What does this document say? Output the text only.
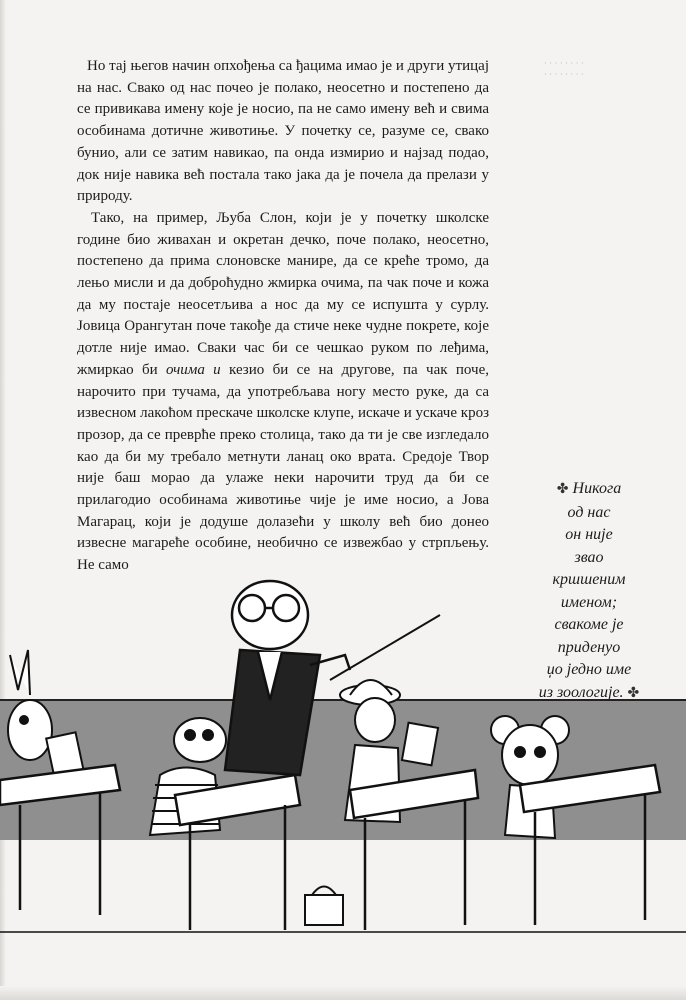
· · · · · · · ·
· · · · · · · ·

Но тај његов начин опхођења са ђацима имао је и други утицај на нас. Свако од нас почео је полако, неосетно и постепено да се привикава имену које је носио, па не само имену већ и свима особинама дотичне животиње. У почетку се, разуме се, свако бунио, али се затим навикао, па онда измирио и најзад подао, док није навика већ постала тако јака да је почела да прелази у природу.

Тако, на пример, Љуба Слон, који је у почетку школске године био живахан и окретан дечко, поче полако, неосетно, постепено да прима слоновске манире, да се креће тромо, да лењо мисли и да доброћудно жмирка очима, па чак поче и кожа да му постаје неосетљива а нос да му се испушта у сурлу. Јовица Орангутан поче такође да стиче неке чудне покрете, које дотле није имао. Сваки час би се чешкао руком по леђима, жмиркао би очима и кезио би се на другове, па чак поче, нарочито при тучама, да употребљава ногу место руке, да са извесном лакоћом прескаче школске клупе, искаче и ускаче кроз прозор, да се преврће преко столица, тако да ти је све изгледало као да би му требало метнути ланац око врата. Средоје Твор није баш морао да улаже неки нарочити труд да би се прилагодио особинама животиње чије је име носио, а Јова Магарац, који је додуше долазећи у школу већ био донео извесне магареће особине, необично се извежбао у стрпљењу. Не само

✤ Никога
од нас
он није
звао
кршшеним
именом;
свакоме је
приденуо
џо једно име
из зоологије. ✤
